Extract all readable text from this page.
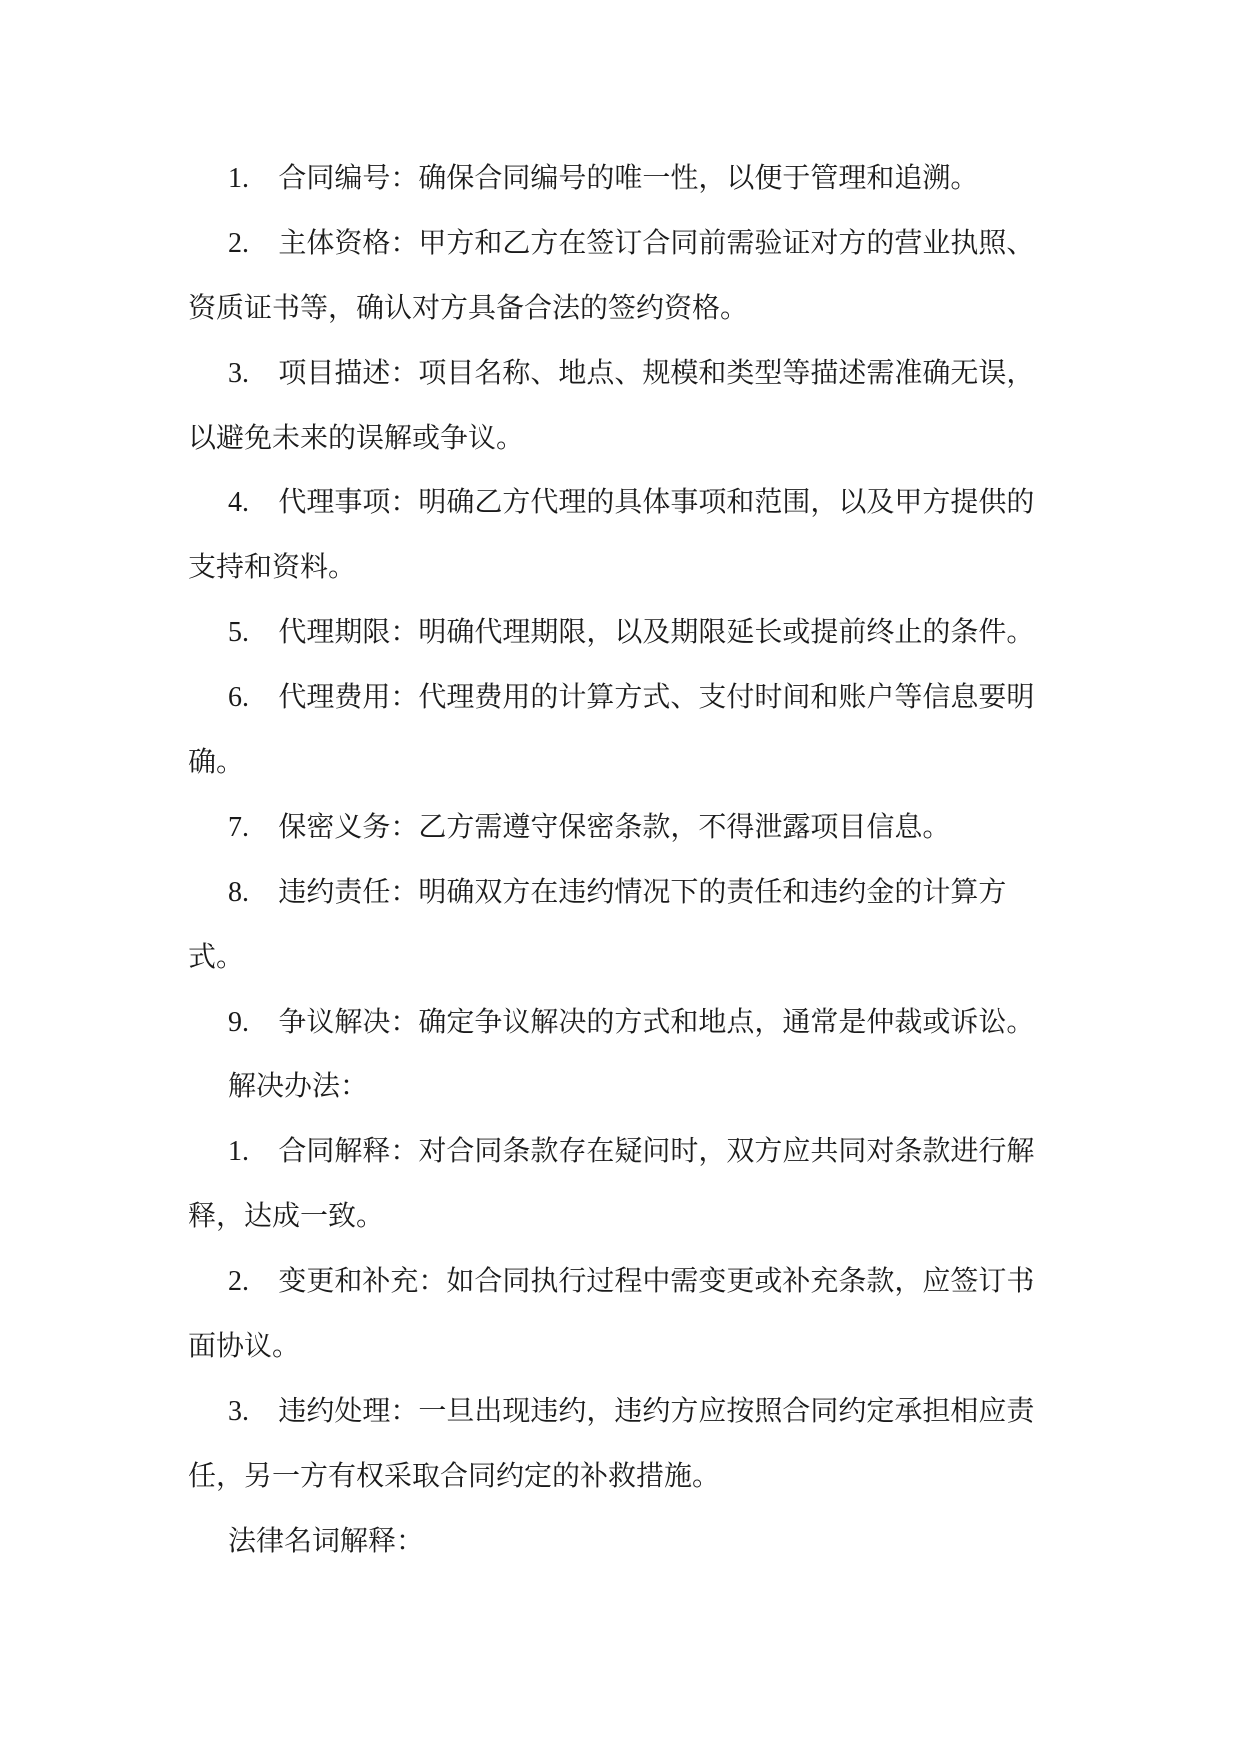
1. 合同编号：确保合同编号的唯一性，以便于管理和追溯。
2. 主体资格：甲方和乙方在签订合同前需验证对方的营业执照、
资质证书等，确认对方具备合法的签约资格。
3. 项目描述：项目名称、地点、规模和类型等描述需准确无误，
以避免未来的误解或争议。
4. 代理事项：明确乙方代理的具体事项和范围，以及甲方提供的
支持和资料。
5. 代理期限：明确代理期限，以及期限延长或提前终止的条件。
6. 代理费用：代理费用的计算方式、支付时间和账户等信息要明
确。
7. 保密义务：乙方需遵守保密条款，不得泄露项目信息。
8. 违约责任：明确双方在违约情况下的责任和违约金的计算方
式。
9. 争议解决：确定争议解决的方式和地点，通常是仲裁或诉讼。
解决办法：
1. 合同解释：对合同条款存在疑问时，双方应共同对条款进行解
释，达成一致。
2. 变更和补充：如合同执行过程中需变更或补充条款，应签订书
面协议。
3. 违约处理：一旦出现违约，违约方应按照合同约定承担相应责
任，另一方有权采取合同约定的补救措施。
法律名词解释：
